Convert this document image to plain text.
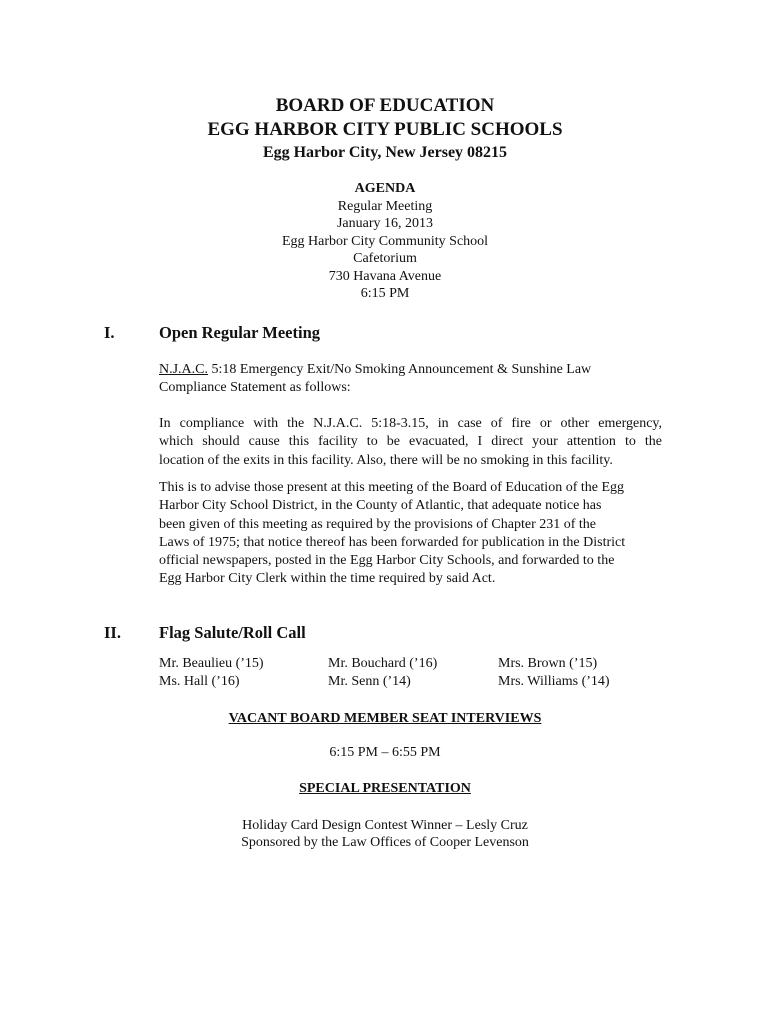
BOARD OF EDUCATION
EGG HARBOR CITY PUBLIC SCHOOLS
Egg Harbor City, New Jersey 08215
AGENDA
Regular Meeting
January 16, 2013
Egg Harbor City Community School
Cafetorium
730 Havana Avenue
6:15 PM
I.	Open Regular Meeting
N.J.A.C. 5:18 Emergency Exit/No Smoking Announcement & Sunshine Law
Compliance Statement as follows:
In compliance with the N.J.A.C. 5:18-3.15, in case of fire or other emergency,
which should cause this facility to be evacuated, I direct your attention to the
location of the exits in this facility. Also, there will be no smoking in this facility.
This is to advise those present at this meeting of the Board of Education of the Egg
Harbor City School District, in the County of Atlantic, that adequate notice has
been given of this meeting as required by the provisions of Chapter 231 of the
Laws of 1975; that notice thereof has been forwarded for publication in the District
official newspapers, posted in the Egg Harbor City Schools, and forwarded to the
Egg Harbor City Clerk within the time required by said Act.
II. Flag Salute/Roll Call
Mr. Beaulieu (’15)
Ms. Hall (’16)
Mr. Bouchard (’16)
Mr. Senn (’14)
Mrs. Brown (’15)
Mrs. Williams (’14)
VACANT BOARD MEMBER SEAT INTERVIEWS
6:15 PM – 6:55 PM
SPECIAL PRESENTATION
Holiday Card Design Contest Winner – Lesly Cruz
Sponsored by the Law Offices of Cooper Levenson
